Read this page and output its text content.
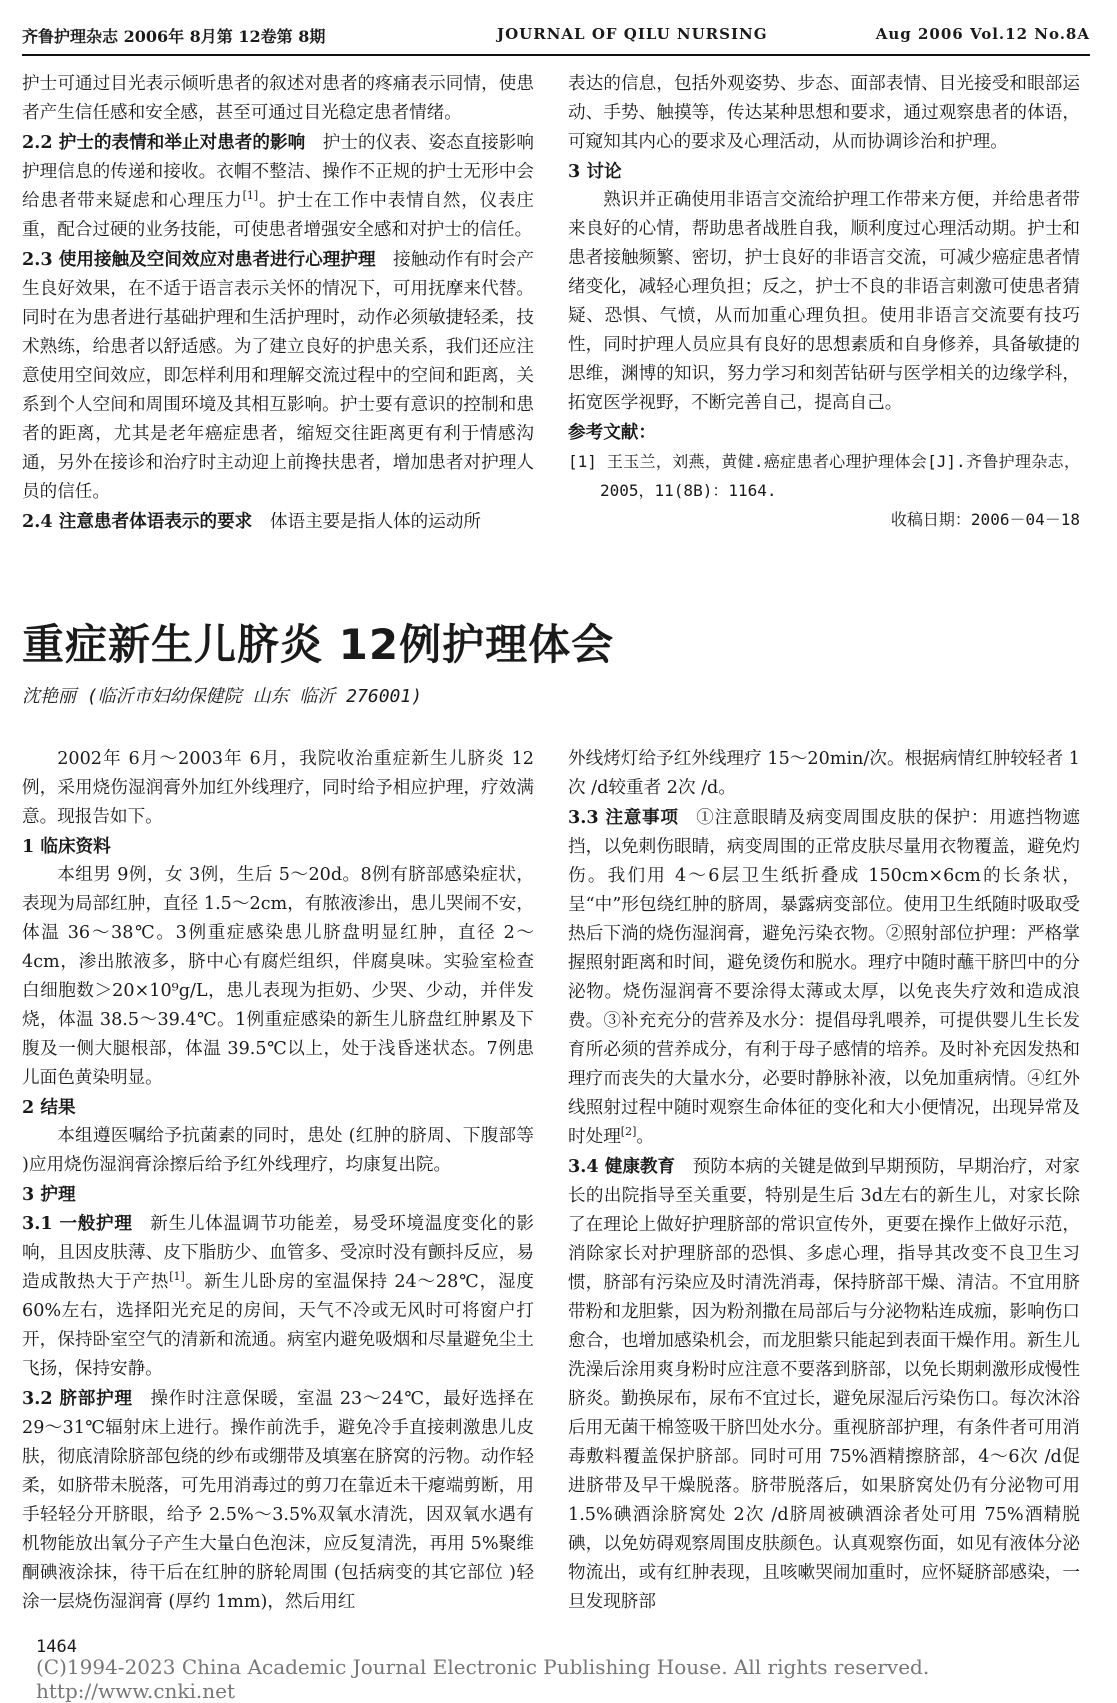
齐鲁护理杂志 2006年 8月第 12卷第 8期	JOURNAL OF QILU NURSING	Aug 2006 Vol.12 No.8A

护士可通过目光表示倾听患者的叙述对患者的疼痛表示同情，使患者产生信任感和安全感，甚至可通过目光稳定患者情绪。

2.2 护士的表情和举止对患者的影响 护士的仪表、姿态直接影响护理信息的传递和接收。衣帽不整洁、操作不正规的护士无形中会给患者带来疑虑和心理压力[1]。护士在工作中表情自然，仪表庄重，配合过硬的业务技能，可使患者增强安全感和对护士的信任。

2.3 使用接触及空间效应对患者进行心理护理 接触动作有时会产生良好效果，在不适于语言表示关怀的情况下，可用抚摩来代替。同时在为患者进行基础护理和生活护理时，动作必须敏捷轻柔，技术熟练，给患者以舒适感。为了建立良好的护患关系，我们还应注意使用空间效应，即怎样利用和理解交流过程中的空间和距离，关系到个人空间和周围环境及其相互影响。护士要有意识的控制和患者的距离，尤其是老年癌症患者，缩短交往距离更有利于情感沟通，另外在接诊和治疗时主动迎上前搀扶患者，增加患者对护理人员的信任。

2.4 注意患者体语表示的要求 体语主要是指人体的运动所

表达的信息，包括外观姿势、步态、面部表情、目光接受和眼部运动、手势、触摸等，传达某种思想和要求，通过观察患者的体语，可窥知其内心的要求及心理活动，从而协调诊治和护理。

3 讨论

熟识并正确使用非语言交流给护理工作带来方便，并给患者带来良好的心情，帮助患者战胜自我，顺利度过心理活动期。护士和患者接触频繁、密切，护士良好的非语言交流，可减少癌症患者情绪变化，减轻心理负担；反之，护士不良的非语言刺激可使患者猜疑、恐惧、气愤，从而加重心理负担。使用非语言交流要有技巧性，同时护理人员应具有良好的思想素质和自身修养，具备敏捷的思维，渊博的知识，努力学习和刻苦钻研与医学相关的边缘学科，拓宽医学视野，不断完善自己，提高自己。

参考文献：

[1] 王玉兰，刘燕，黄健.癌症患者心理护理体会[J].齐鲁护理杂志，2005，11(8B)：1164.

收稿日期：2006－04－18

重症新生儿脐炎 12例护理体会
沈艳丽 (临沂市妇幼保健院 山东 临沂 276001)

2002年 6月～2003年 6月，我院收治重症新生儿脐炎 12例，采用烧伤湿润膏外加红外线理疗，同时给予相应护理，疗效满意。现报告如下。

1 临床资料

本组男 9例，女 3例，生后 5～20d。8例有脐部感染症状，表现为局部红肿，直径 1.5～2cm，有脓液渗出，患儿哭闹不安，体温 36～38℃。3例重症感染患儿脐盘明显红肿，直径 2～4cm，渗出脓液多，脐中心有腐烂组织，伴腐臭味。实验室检查白细胞数＞20×10⁹g/L，患儿表现为拒奶、少哭、少动，并伴发烧，体温 38.5～39.4℃。1例重症感染的新生儿脐盘红肿累及下腹及一侧大腿根部，体温 39.5℃以上，处于浅昏迷状态。7例患儿面色黄染明显。

2 结果

本组遵医嘱给予抗菌素的同时，患处 (红肿的脐周、下腹部等 )应用烧伤湿润膏涂擦后给予红外线理疗，均康复出院。

3 护理

3.1 一般护理 新生儿体温调节功能差，易受环境温度变化的影响，且因皮肤薄、皮下脂肪少、血管多、受凉时没有颤抖反应，易造成散热大于产热[1]。新生儿卧房的室温保持 24～28℃，湿度 60%左右，选择阳光充足的房间，天气不冷或无风时可将窗户打开，保持卧室空气的清新和流通。病室内避免吸烟和尽量避免尘土飞扬，保持安静。

3.2 脐部护理 操作时注意保暖，室温 23～24℃，最好选择在 29～31℃辐射床上进行。操作前洗手，避免冷手直接刺激患儿皮肤，彻底清除脐部包绕的纱布或绷带及填塞在脐窝的污物。动作轻柔，如脐带未脱落，可先用消毒过的剪刀在靠近未干瘪端剪断，用手轻轻分开脐眼，给予 2.5%～3.5%双氧水清洗，因双氧水遇有机物能放出氧分子产生大量白色泡沫，应反复清洗，再用 5%聚维酮碘液涂抹，待干后在红肿的脐轮周围 (包括病变的其它部位 )轻涂一层烧伤湿润膏 (厚约 1mm)，然后用红

外线烤灯给予红外线理疗 15～20min/次。根据病情红肿较轻者 1次 /d较重者 2次 /d。

3.3 注意事项 ①注意眼睛及病变周围皮肤的保护：用遮挡物遮挡，以免刺伤眼睛，病变周围的正常皮肤尽量用衣物覆盖，避免灼伤。我们用 4～6层卫生纸折叠成 150cm×6cm的长条状，呈“中”形包绕红肿的脐周，暴露病变部位。使用卫生纸随时吸取受热后下淌的烧伤湿润膏，避免污染衣物。②照射部位护理：严格掌握照射距离和时间，避免烫伤和脱水。理疗中随时蘸干脐凹中的分泌物。烧伤湿润膏不要涂得太薄或太厚，以免丧失疗效和造成浪费。③补充充分的营养及水分：提倡母乳喂养，可提供婴儿生长发育所必须的营养成分，有利于母子感情的培养。及时补充因发热和理疗而丧失的大量水分，必要时静脉补液，以免加重病情。④红外线照射过程中随时观察生命体征的变化和大小便情况，出现异常及时处理[2]。

3.4 健康教育 预防本病的关键是做到早期预防，早期治疗，对家长的出院指导至关重要，特别是生后 3d左右的新生儿，对家长除了在理论上做好护理脐部的常识宣传外，更要在操作上做好示范，消除家长对护理脐部的恐惧、多虑心理，指导其改变不良卫生习惯，脐部有污染应及时清洗消毒，保持脐部干燥、清洁。不宜用脐带粉和龙胆紫，因为粉剂撒在局部后与分泌物粘连成痂，影响伤口愈合，也增加感染机会，而龙胆紫只能起到表面干燥作用。新生儿洗澡后涂用爽身粉时应注意不要落到脐部，以免长期刺激形成慢性脐炎。勤换尿布，尿布不宜过长，避免尿湿后污染伤口。每次沐浴后用无菌干棉签吸干脐凹处水分。重视脐部护理，有条件者可用消毒敷料覆盖保护脐部。同时可用 75%酒精擦脐部，4～6次 /d促进脐带及早干燥脱落。脐带脱落后，如果脐窝处仍有分泌物可用 1.5%碘酒涂脐窝处 2次 /d脐周被碘酒涂者处可用 75%酒精脱碘，以免妨碍观察周围皮肤颜色。认真观察伤面，如见有液体分泌物流出，或有红肿表现，且咳嗽哭闹加重时，应怀疑脐部感染，一旦发现脐部

1464
(C)1994-2023 China Academic Journal Electronic Publishing House. All rights reserved. http://www.cnki.net
